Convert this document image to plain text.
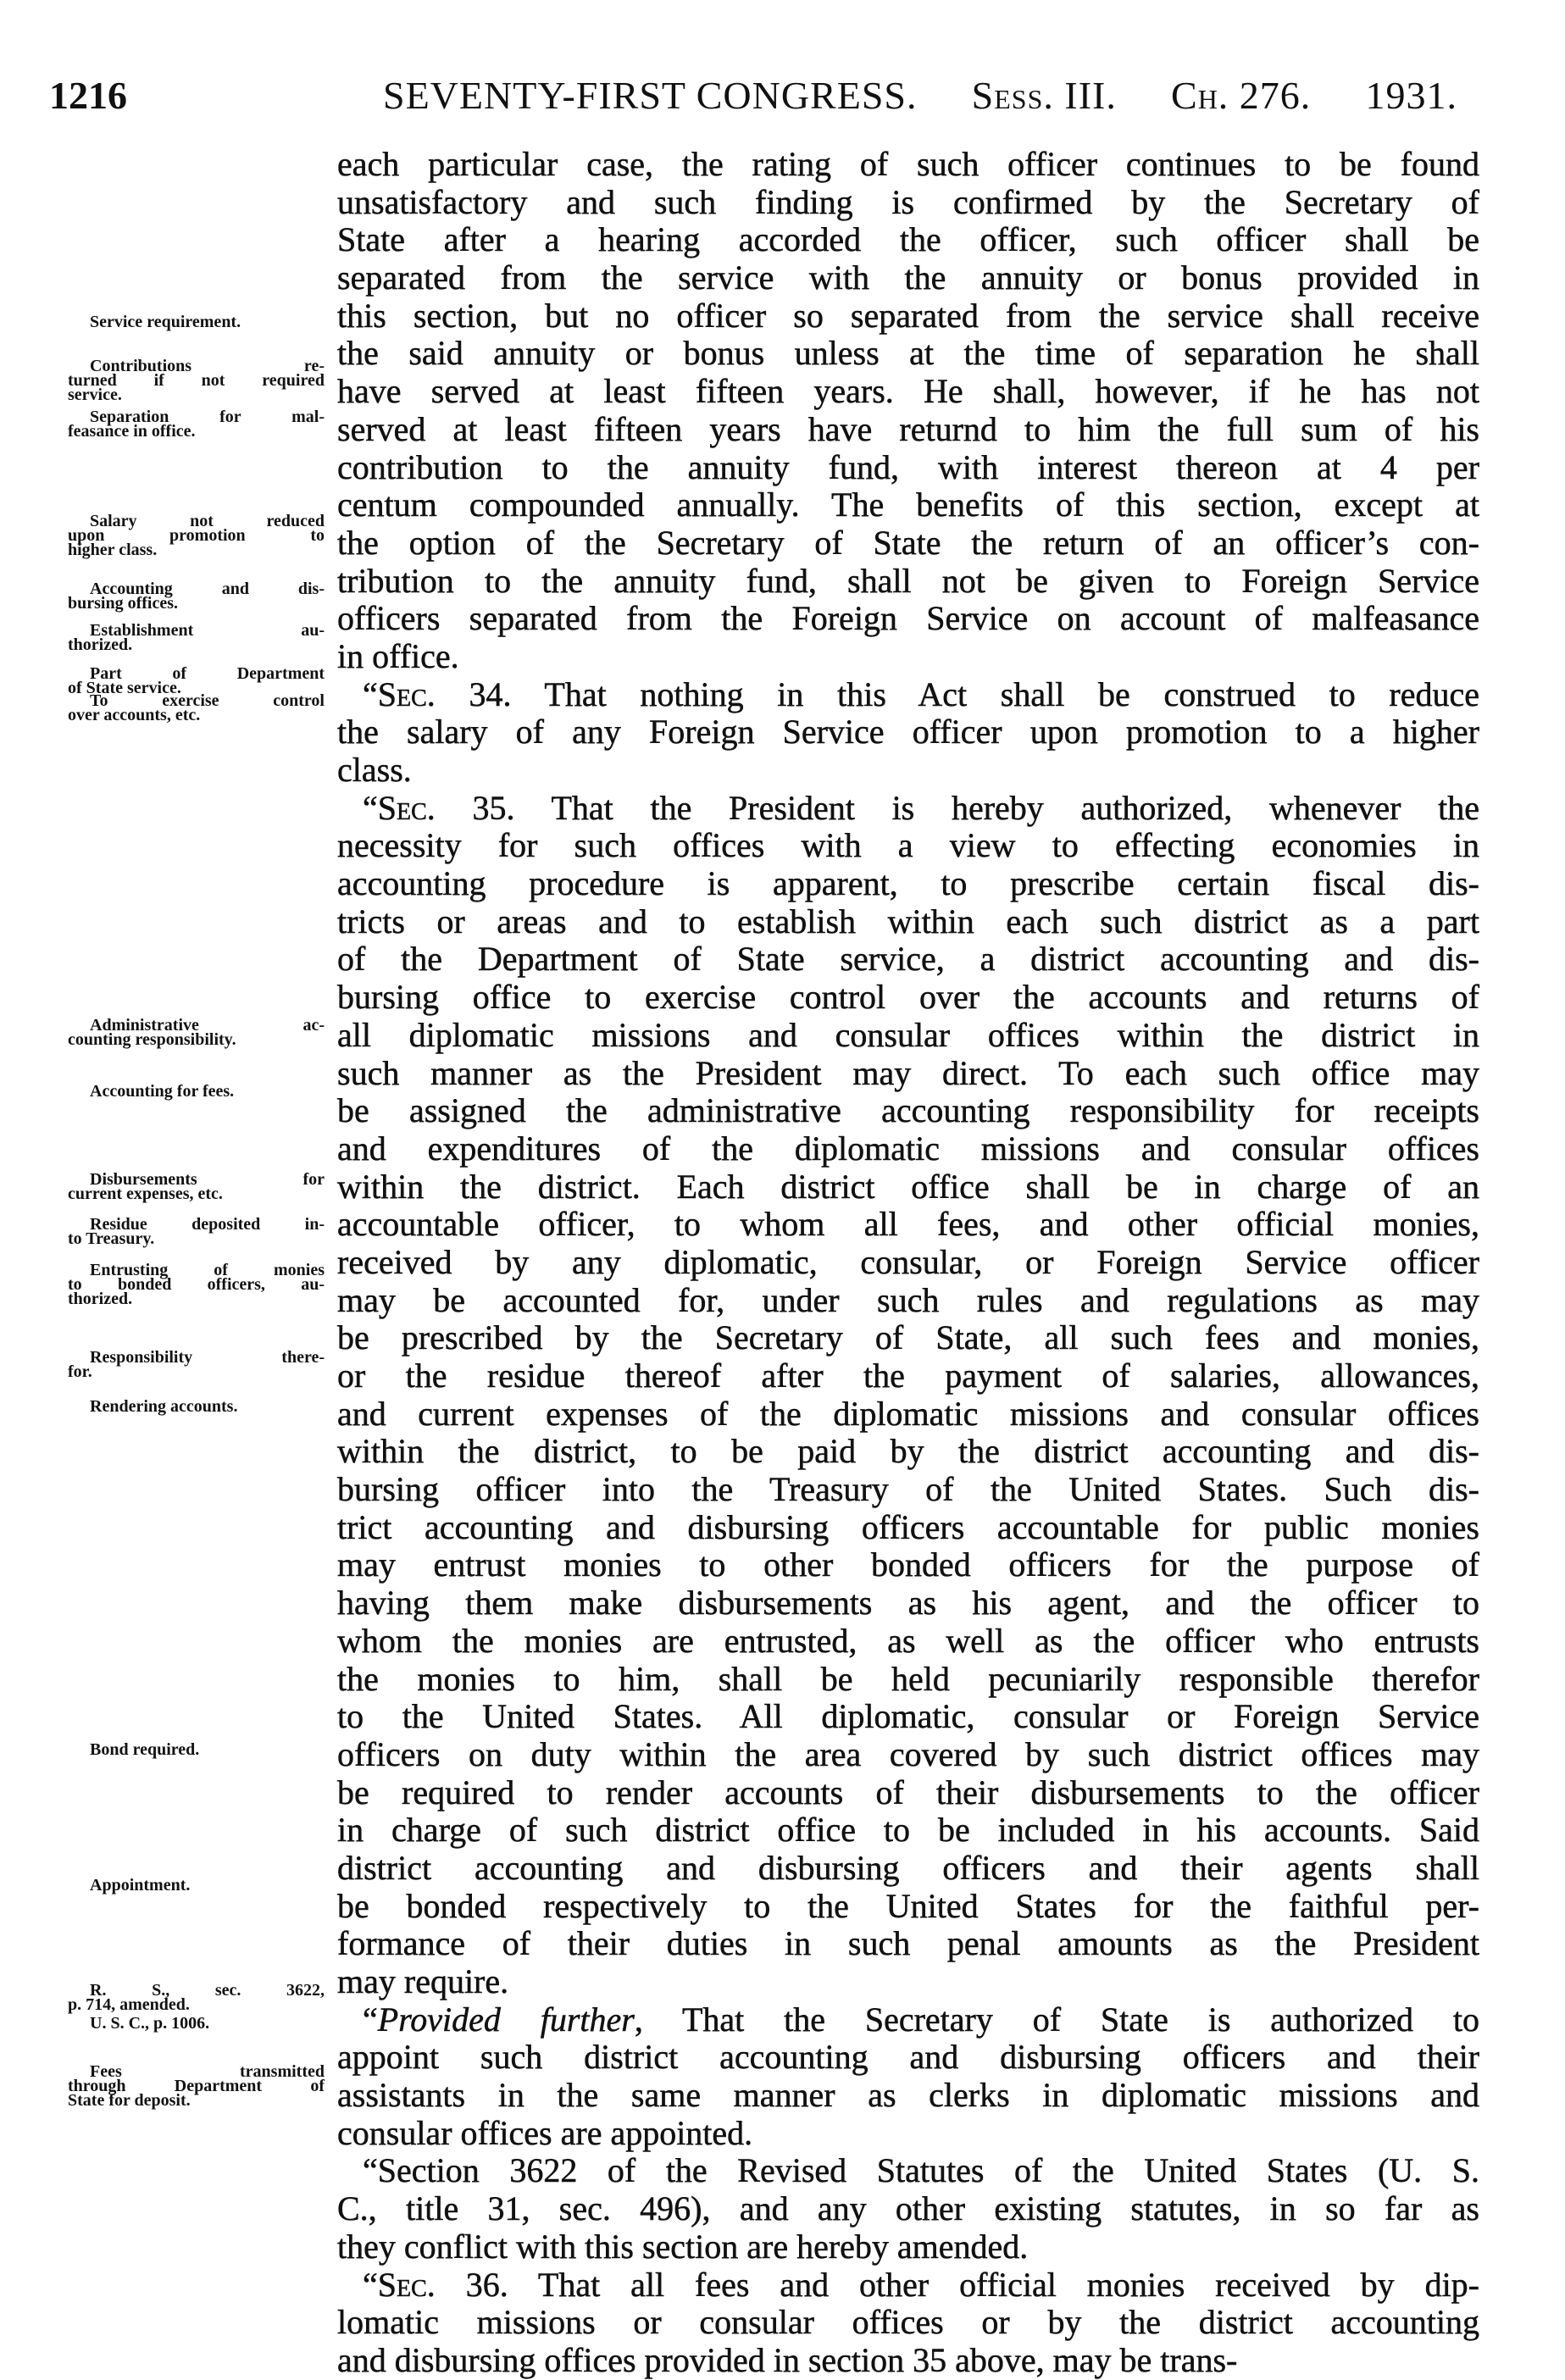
1216	SEVENTY-FIRST CONGRESS. Sess. III. Ch. 276. 1931.
Service requirement.
Contributions re-
turned if not required
service.
Separation for mal-
feasance in office.
Salary not reduced
upon promotion to
higher class.
Accounting and dis-
bursing offices.
Establishment au-
thorized.
Part of Department
of State service.
To exercise control
over accounts, etc.
Administrative ac-
counting responsibility.
Accounting for fees.
Disbursements for
current expenses, etc.
Residue deposited in-
to Treasury.
Entrusting of monies
to bonded officers, au-
thorized.
Responsibility there-
for.
Rendering accounts.
Bond required.
Appointment.
R. S., sec. 3622,
p. 714, amended.
U. S. C., p. 1006.
Fees transmitted
through Department of
State for deposit.
each particular case, the rating of such officer continues to be found
unsatisfactory and such finding is confirmed by the Secretary of
State after a hearing accorded the officer, such officer shall be
separated from the service with the annuity or bonus provided in
this section, but no officer so separated from the service shall receive
the said annuity or bonus unless at the time of separation he shall
have served at least fifteen years. He shall, however, if he has not
served at least fifteen years have returnd to him the full sum of his
contribution to the annuity fund, with interest thereon at 4 per
centum compounded annually. The benefits of this section, except at
the option of the Secretary of State the return of an officer’s con-
tribution to the annuity fund, shall not be given to Foreign Service
officers separated from the Foreign Service on account of malfeasance
in office.
“Sec. 34. That nothing in this Act shall be construed to reduce
the salary of any Foreign Service officer upon promotion to a higher
class.
“Sec. 35. That the President is hereby authorized, whenever the
necessity for such offices with a view to effecting economies in
accounting procedure is apparent, to prescribe certain fiscal dis-
tricts or areas and to establish within each such district as a part
of the Department of State service, a district accounting and dis-
bursing office to exercise control over the accounts and returns of
all diplomatic missions and consular offices within the district in
such manner as the President may direct. To each such office may
be assigned the administrative accounting responsibility for receipts
and expenditures of the diplomatic missions and consular offices
within the district. Each district office shall be in charge of an
accountable officer, to whom all fees, and other official monies,
received by any diplomatic, consular, or Foreign Service officer
may be accounted for, under such rules and regulations as may
be prescribed by the Secretary of State, all such fees and monies,
or the residue thereof after the payment of salaries, allowances,
and current expenses of the diplomatic missions and consular offices
within the district, to be paid by the district accounting and dis-
bursing officer into the Treasury of the United States. Such dis-
trict accounting and disbursing officers accountable for public monies
may entrust monies to other bonded officers for the purpose of
having them make disbursements as his agent, and the officer to
whom the monies are entrusted, as well as the officer who entrusts
the monies to him, shall be held pecuniarily responsible therefor
to the United States. All diplomatic, consular or Foreign Service
officers on duty within the area covered by such district offices may
be required to render accounts of their disbursements to the officer
in charge of such district office to be included in his accounts. Said
district accounting and disbursing officers and their agents shall
be bonded respectively to the United States for the faithful per-
formance of their duties in such penal amounts as the President
may require.
“Provided further, That the Secretary of State is authorized to
appoint such district accounting and disbursing officers and their
assistants in the same manner as clerks in diplomatic missions and
consular offices are appointed.
“Section 3622 of the Revised Statutes of the United States (U. S.
C., title 31, sec. 496), and any other existing statutes, in so far as
they conflict with this section are hereby amended.
“Sec. 36. That all fees and other official monies received by dip-
lomatic missions or consular offices or by the district accounting
and disbursing offices provided in section 35 above, may be trans-
